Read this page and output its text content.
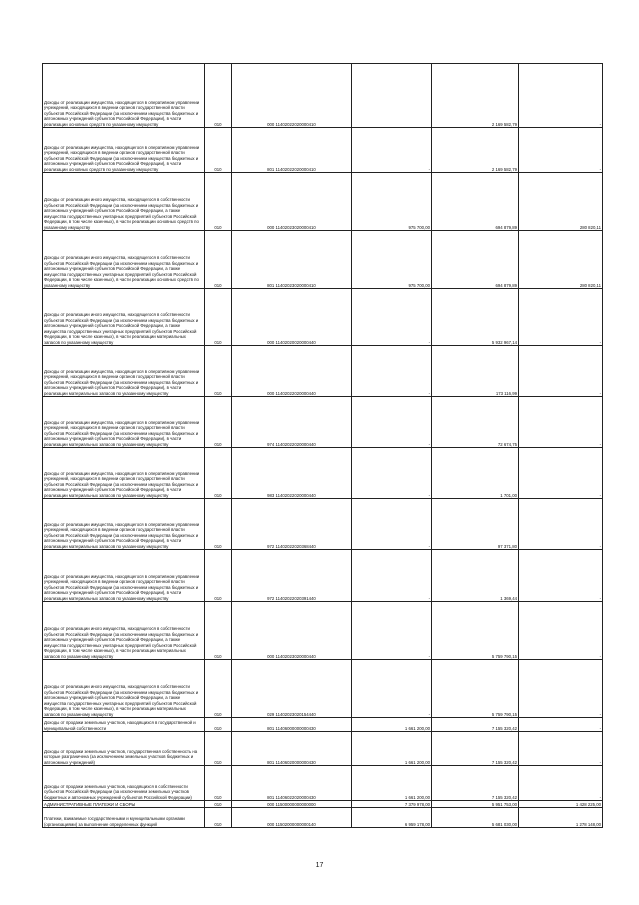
Доходы от реализации имущества, находящегося в оперативном управлении учреждений, находящихся в ведении органов государственной власти субъектов Российской Федерации (за исключением имущества бюджетных и автономных учреждений субъектов Российской Федерации), в части реализации основных средств по указанному имуществу	010	000 11402022020000410		2 169 582,79	-
Доходы от реализации имущества, находящегося в оперативном управлении учреждений, находящихся в ведении органов государственной власти субъектов Российской Федерации (за исключением имущества бюджетных и автономных учреждений субъектов Российской Федерации), в части реализации основных средств по указанному имуществу	010	801 11402022020000410	-	2 169 582,79	-
Доходы от реализации иного имущества, находящегося в собственности субъектов Российской Федерации (за исключением имущества бюджетных и автономных учреждений субъектов Российской Федерации, а также имущества государственных унитарных предприятий субъектов Российской Федерации, в том числе казенных), в части реализации основных средств по указанному имуществу	010	000 11402023020000410	975 700,00	694 879,89	280 820,11
Доходы от реализации иного имущества, находящегося в собственности субъектов Российской Федерации (за исключением имущества бюджетных и автономных учреждений субъектов Российской Федерации, а также имущества государственных унитарных предприятий субъектов Российской Федерации, в том числе казенных), в части реализации основных средств по указанному имуществу	010	801 11402023020000410	975 700,00	694 879,89	280 820,11
Доходы от реализации иного имущества, находящегося в собственности субъектов Российской Федерации (за исключением имущества бюджетных и автономных учреждений субъектов Российской Федерации, а также имущества государственных унитарных предприятий субъектов Российской Федерации, в том числе казенных), в части реализации материальных запасов по указанному имуществу	010	000 11402020020000440	-	5 932 967,14	-
Доходы от реализации имущества, находящегося в оперативном управлении учреждений, находящихся в ведении органов государственной власти субъектов Российской Федерации (за исключением имущества бюджетных и автономных учреждений субъектов Российской Федерации), в части реализации материальных запасов по указанному имуществу	010	000 11402022020000440	-	173 116,99	-
Доходы от реализации имущества, находящегося в оперативном управлении учреждений, находящихся в ведении органов государственной власти субъектов Российской Федерации (за исключением имущества бюджетных и автономных учреждений субъектов Российской Федерации), в части реализации материальных запасов по указанному имуществу	010	974 11402022020000440	-	72 674,75	-
Доходы от реализации имущества, находящегося в оперативном управлении учреждений, находящихся в ведении органов государственной власти субъектов Российской Федерации (за исключением имущества бюджетных и автономных учреждений субъектов Российской Федерации), в части реализации материальных запасов по указанному имуществу	010	983 11402022020000440	-	1 701,00	-
Доходы от реализации имущества, находящегося в оперативном управлении учреждений, находящихся в ведении органов государственной власти субъектов Российской Федерации (за исключением имущества бюджетных и автономных учреждений субъектов Российской Федерации), в части реализации материальных запасов по указанному имуществу	010	972 11402022020368440	-	97 371,80	-
Доходы от реализации имущества, находящегося в оперативном управлении учреждений, находящихся в ведении органов государственной власти субъектов Российской Федерации (за исключением имущества бюджетных и автономных учреждений субъектов Российской Федерации), в части реализации материальных запасов по указанному имуществу	010	972 11402022020391440	-	1 369,44	-
Доходы от реализации иного имущества, находящегося в собственности субъектов Российской Федерации (за исключением имущества бюджетных и автономных учреждений субъектов Российской Федерации, а также имущества государственных унитарных предприятий субъектов Российской Федерации, в том числе казенных), в части реализации материальных запасов по указанному имуществу	010	000 11402023020000440	-	5 759 790,15	-
Доходы от реализации иного имущества, находящегося в собственности субъектов Российской Федерации (за исключением имущества бюджетных и автономных учреждений субъектов Российской Федерации, а также имущества государственных унитарных предприятий субъектов Российской Федерации, в том числе казенных), в части реализации материальных запасов по указанному имуществу	010	029 11402023020154440	-	5 759 790,15	-
Доходы от продажи земельных участков, находящихся в государственной и муниципальной собственности	010	801 11406000000000430	1 661 200,00	7 155 320,42	-
Доходы от продажи земельных участков, государственная собственность на которые разграничена (за исключением земельных участков бюджетных и автономных учреждений)	010	801 11406020000000430	1 661 200,00	7 155 320,42	-
Доходы от продажи земельных участков, находящихся в собственности субъектов Российской Федерации (за исключением земельных участков бюджетных и автономных учреждений субъектов Российской Федерации)	010	801 11406022020000430	1 661 200,00	7 155 320,42	-
АДМИНИСТРАТИВНЫЕ ПЛАТЕЖИ И СБОРЫ	010	000 11500000000000000	7 379 978,00	5 951 753,00	1 428 225,00
Платежи, взимаемые государственными и муниципальными органами (организациями) за выполнение определенных функций	010	000 11502000000000140	6 959 178,00	5 681 030,00	1 278 148,00
17
